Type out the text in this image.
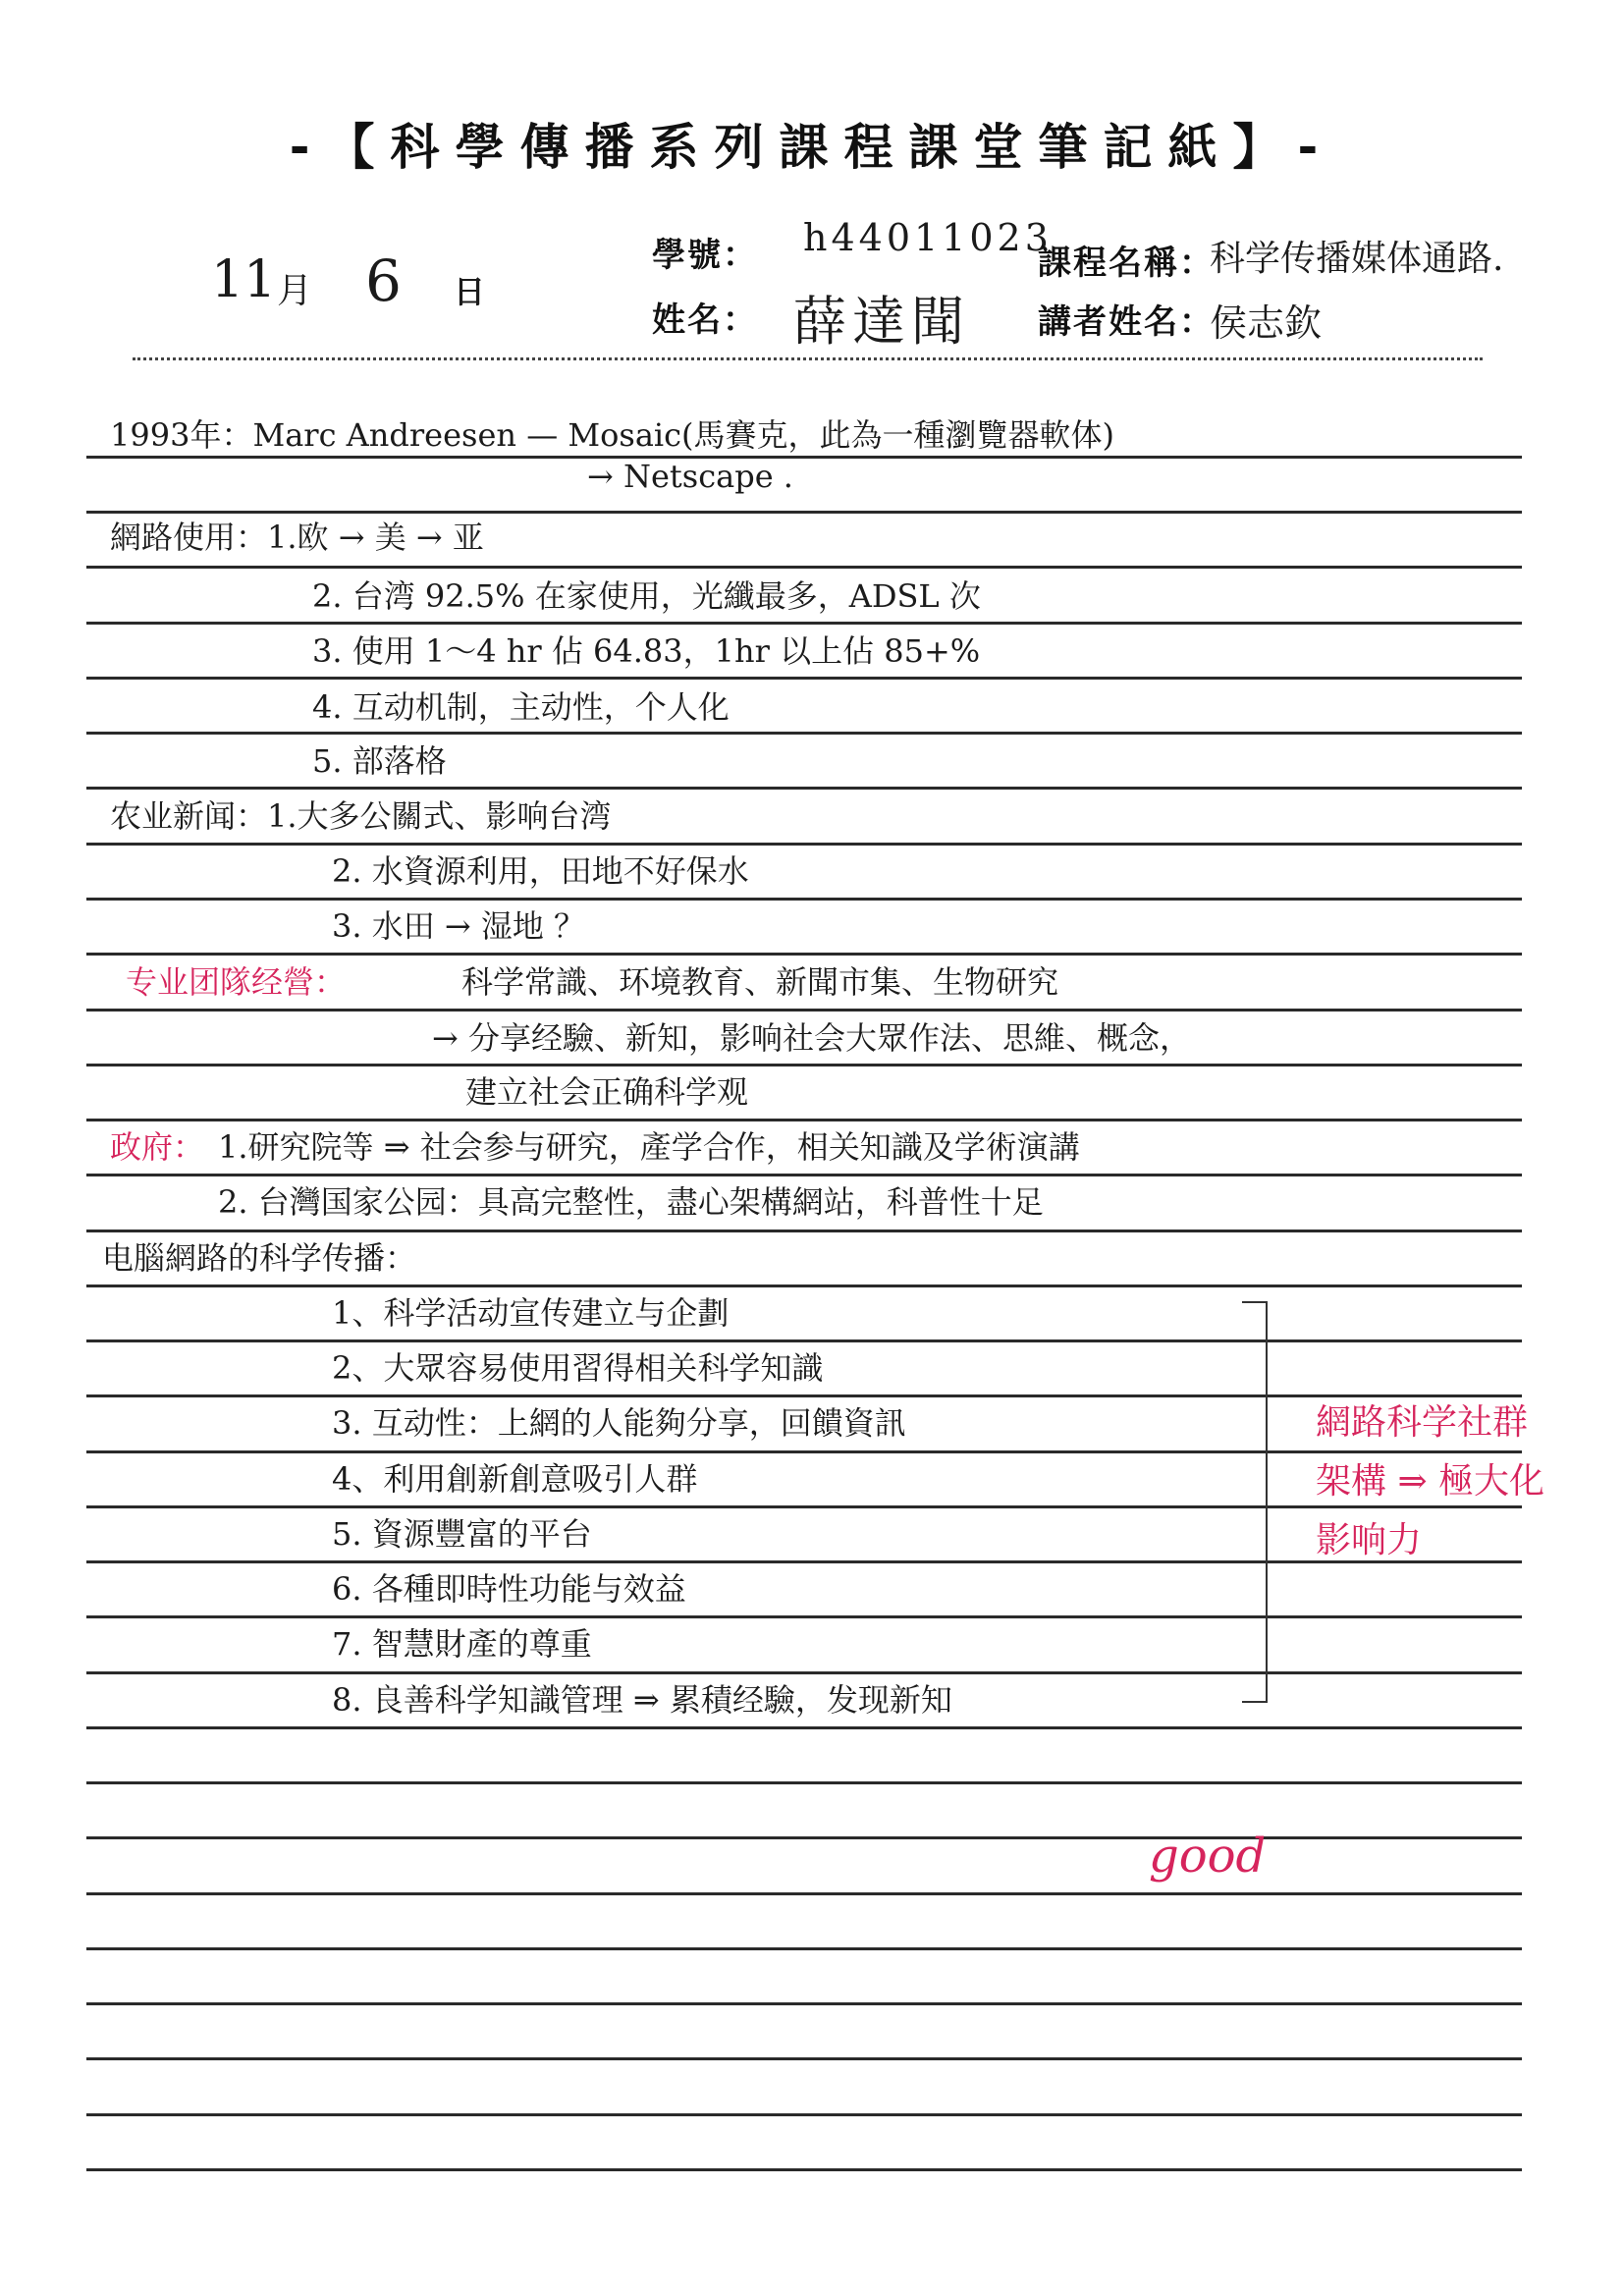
-【科學傳播系列課程課堂筆記紙】-
11 月 6 日
學號： h44011023
姓名： 薛達聞
課程名稱：
科学传播媒体通路.
講者姓名：
侯志欽
1993年：Marc Andreesen — Mosaic(馬賽克，此為一種瀏覽器軟体)
→ Netscape .
網路使用：1.欧 → 美 → 亚
2. 台湾 92.5% 在家使用，光纖最多，ADSL 次
3. 使用 1～4 hr 佔 64.83，1hr 以上佔 85+%
4. 互动机制，主动性，个人化
5. 部落格
农业新闻：1.大多公關式、影响台湾
2. 水資源利用，田地不好保水
3. 水田 → 湿地 ？
专业团隊经營：	科学常識、环境教育、新聞市集、生物研究
→ 分享经驗、新知，影响社会大眾作法、思維、概念，
建立社会正确科学观
政府： 1.研究院等 ⇒ 社会参与研究，產学合作，相关知識及学術演講
2. 台灣国家公园：具高完整性，盡心架構網站，科普性十足
电腦網路的科学传播：
1、科学活动宣传建立与企劃
2、大眾容易使用習得相关科学知識
3. 互动性：上網的人能夠分享，回饋資訊
4、利用創新創意吸引人群
5. 資源豐富的平台
6. 各種即時性功能与效益
7. 智慧財產的尊重
8. 良善科学知識管理 ⇒ 累積经驗，发现新知
網路科学社群
架構 ⇒ 極大化
影响力
good
